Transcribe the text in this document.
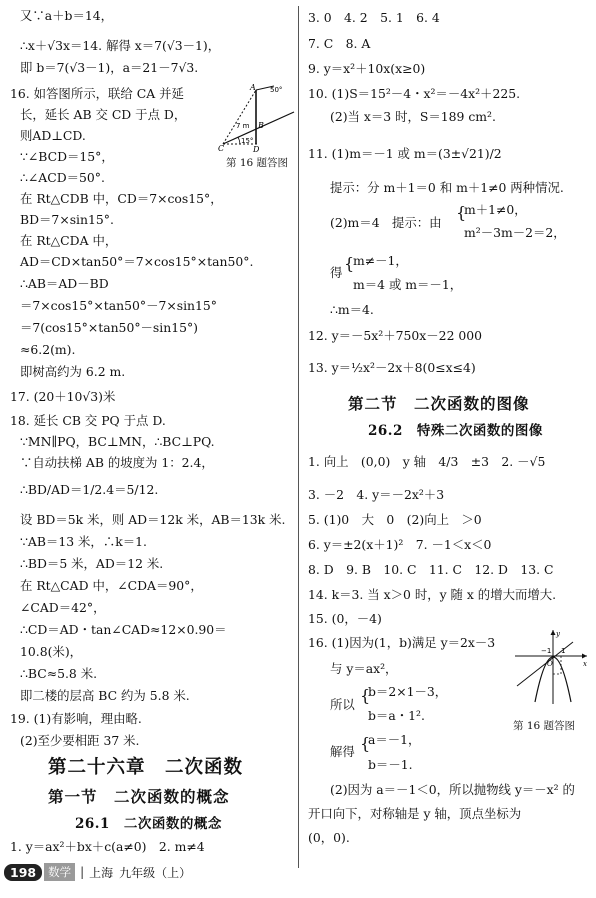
又∵a＋b＝14，
∴x＋√3x＝14. 解得 x＝7(√3－1)，
即 b＝7(√3－1)，a＝21－7√3.
16. 如答图所示，联给 CA 并延
长，延长 AB 交 CD 于点 D，
则AD⊥CD.
∵∠BCD＝15°，
∴∠ACD＝50°.
在 Rt△CDB 中，CD＝7×cos15°，
BD＝7×sin15°.
在 Rt△CDA 中，
AD＝CD×tan50°＝7×cos15°×tan50°.
∴AB＝AD－BD
＝7×cos15°×tan50°－7×sin15°
＝7(cos15°×tan50°－sin15°)
≈6.2(m).
即树高约为 6.2 m.
17. (20＋10√3)米
18. 延长 CB 交 PQ 于点 D.
∵MN∥PQ，BC⊥MN，∴BC⊥PQ.
∵自动扶梯 AB 的坡度为 1：2.4，
∴BD/AD＝1/2.4＝5/12.
设 BD＝5k 米，则 AD＝12k 米，AB＝13k 米.
∵AB＝13 米，∴k＝1.
∴BD＝5 米，AD＝12 米.
在 Rt△CAD 中，∠CDA＝90°，
∠CAD＝42°，
∴CD＝AD・tan∠CAD≈12×0.90＝
10.8(米)，
∴BC≈5.8 米.
即二楼的层高 BC 约为 5.8 米.
19. (1)有影响，理由略.
(2)至少要相距 37 米.
第二十六章　二次函数
第一节　二次函数的概念
26.1　二次函数的概念
1. y＝ax²＋bx＋c(a≠0)　2. m≠4
A
B
C	D
50°
15°
7 m
第 16 题答图
3. 0　4. 2　5. 1　6. 4
7. C　8. A
9. y＝x²＋10x(x≥0)
10. (1)S＝15²－4・x²＝－4x²＋225.
(2)当 x＝3 时，S＝189 cm².
11. (1)m＝－1 或 m＝(3±√21)/2
提示：分 m＋1＝0 和 m＋1≠0 两种情况.
(2)m＝4　提示：由
{
m＋1≠0，
m²－3m－2＝2，
得 {
m≠－1，
m＝4 或 m＝－1，
∴m＝4.
12. y＝－5x²＋750x－22 000
13. y＝½x²－2x＋8(0≤x≤4)
第二节　二次函数的图像
26.2　特殊二次函数的图像
1. 向上　(0,0)　y 轴　4/3　±3　2. －√5
3. －2　4. y＝－2x²＋3
5. (1)0　大　0　(2)向上　＞0
6. y＝±2(x＋1)²　7. －1＜x＜0
8. D　9. B　10. C　11. C　12. D　13. C
14. k＝3. 当 x＞0 时，y 随 x 的增大而增大.
15. (0，－4)
16. (1)因为(1，b)满足 y＝2x－3
与 y＝ax²，
所以 {
b＝2×1－3，
b＝a・1².
解得 {
a＝－1，
b＝－1.
(2)因为 a＝－1＜0，所以抛物线 y＝－x² 的
开口向下，对称轴是 y 轴，顶点坐标为
(0，0).
−1
O
1
x
y
第 16 题答图
198	数学 | 上海 九年级（上）
